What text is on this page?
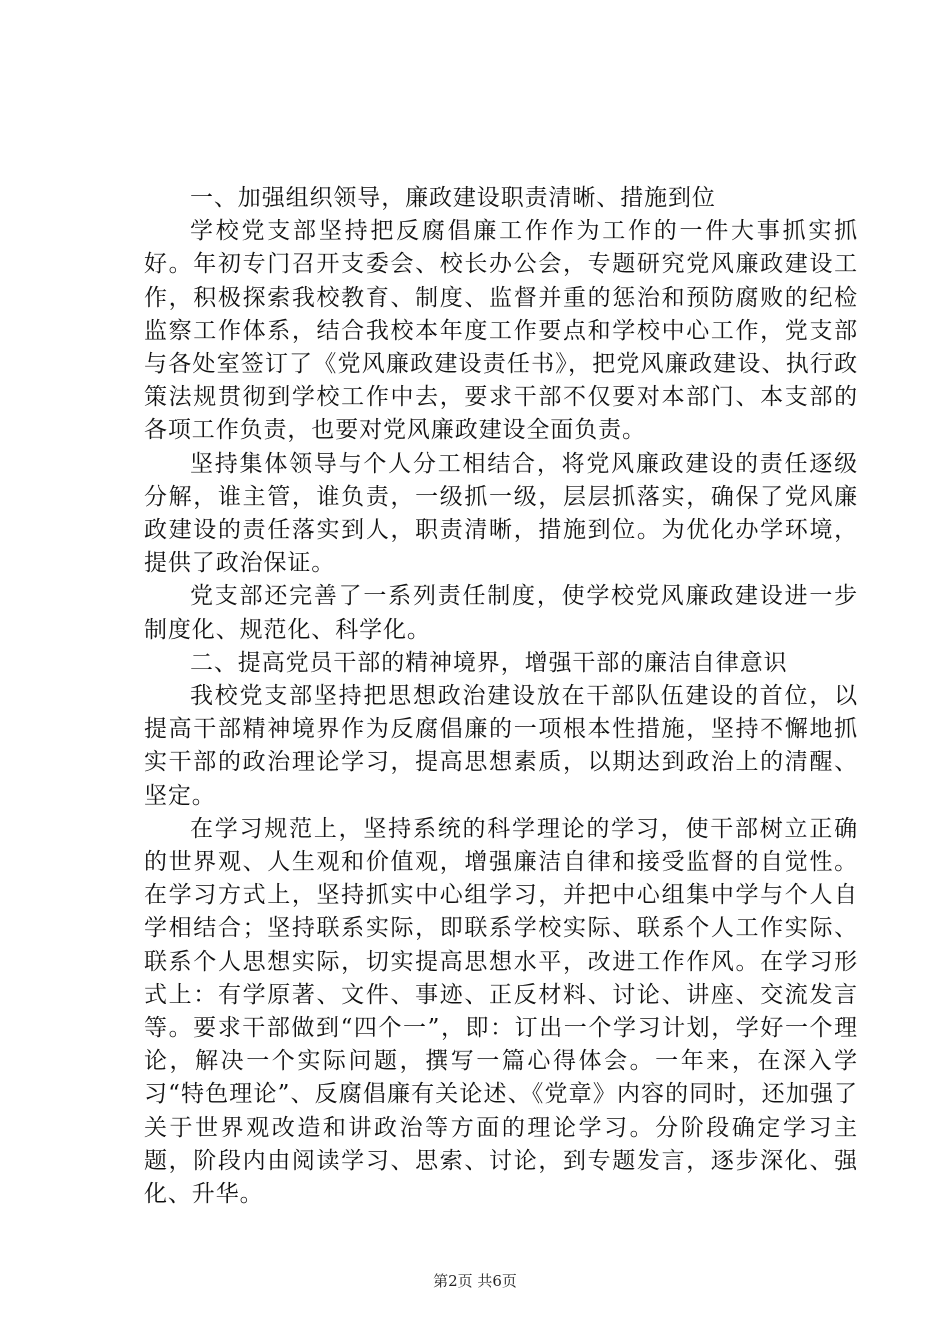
一、加强组织领导，廉政建设职责清晰、措施到位

学校党支部坚持把反腐倡廉工作作为工作的一件大事抓实抓好。年初专门召开支委会、校长办公会，专题研究党风廉政建设工作，积极探索我校教育、制度、监督并重的惩治和预防腐败的纪检监察工作体系，结合我校本年度工作要点和学校中心工作，党支部与各处室签订了《党风廉政建设责任书》，把党风廉政建设、执行政策法规贯彻到学校工作中去，要求干部不仅要对本部门、本支部的各项工作负责，也要对党风廉政建设全面负责。

坚持集体领导与个人分工相结合，将党风廉政建设的责任逐级分解，谁主管，谁负责，一级抓一级，层层抓落实，确保了党风廉政建设的责任落实到人，职责清晰，措施到位。为优化办学环境，提供了政治保证。

党支部还完善了一系列责任制度，使学校党风廉政建设进一步制度化、规范化、科学化。

二、提高党员干部的精神境界，增强干部的廉洁自律意识

我校党支部坚持把思想政治建设放在干部队伍建设的首位，以提高干部精神境界作为反腐倡廉的一项根本性措施，坚持不懈地抓实干部的政治理论学习，提高思想素质，以期达到政治上的清醒、坚定。

在学习规范上，坚持系统的科学理论的学习，使干部树立正确的世界观、人生观和价值观，增强廉洁自律和接受监督的自觉性。在学习方式上，坚持抓实中心组学习，并把中心组集中学与个人自学相结合；坚持联系实际，即联系学校实际、联系个人工作实际、联系个人思想实际，切实提高思想水平，改进工作作风。在学习形式上：有学原著、文件、事迹、正反材料、讨论、讲座、交流发言等。要求干部做到“四个一”，即：订出一个学习计划，学好一个理论，解决一个实际问题，撰写一篇心得体会。一年来，在深入学习“特色理论”、反腐倡廉有关论述、《党章》内容的同时，还加强了关于世界观改造和讲政治等方面的理论学习。分阶段确定学习主题，阶段内由阅读学习、思索、讨论，到专题发言，逐步深化、强化、升华。

第2页 共6页
